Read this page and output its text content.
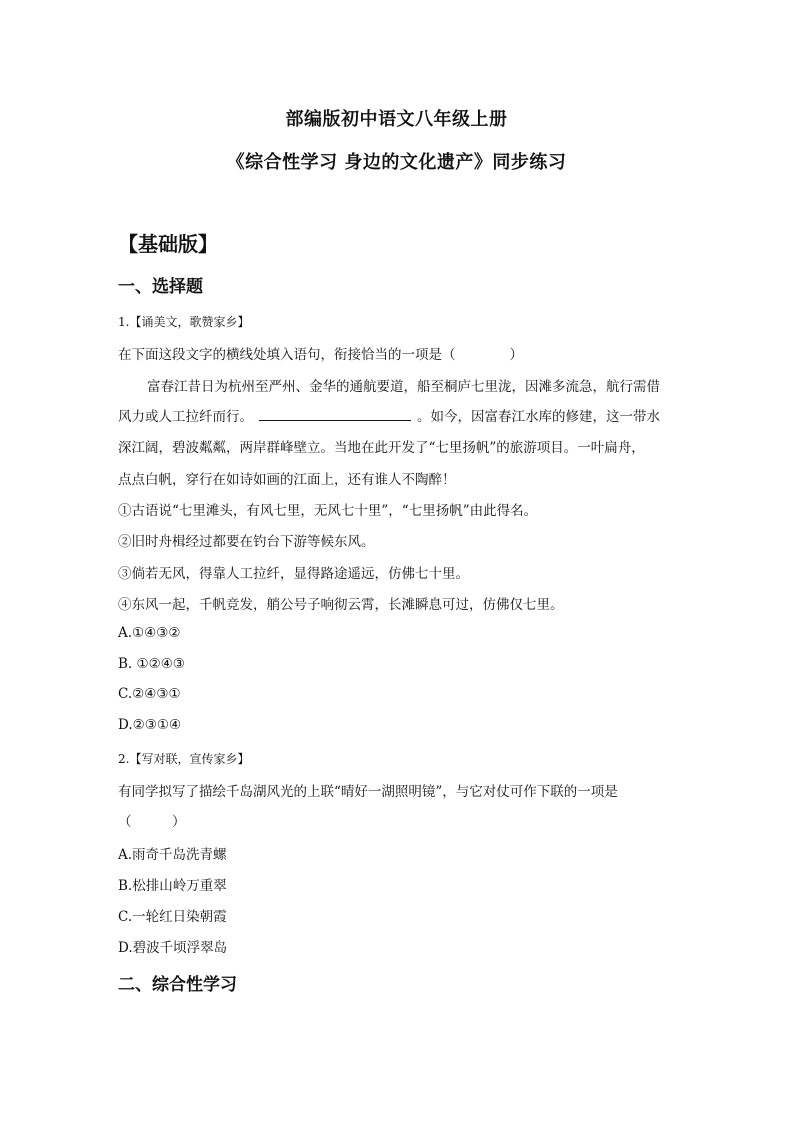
部编版初中语文八年级上册
《综合性学习 身边的文化遗产》同步练习
【基础版】
一、选择题
1.【诵美文，歌赞家乡】
在下面这段文字的横线处填入语句，衔接恰当的一项是（　　　　）
富春江昔日为杭州至严州、金华的通航要道，船至桐庐七里泷，因滩多流急，航行需借
风力或人工拉纤而行。	。如今，因富春江水库的修建，这一带水
深江阔，碧波粼粼，两岸群峰壁立。当地在此开发了“七里扬帆”的旅游项目。一叶扁舟，
点点白帆，穿行在如诗如画的江面上，还有谁人不陶醉！
①古语说“七里滩头，有风七里，无风七十里”，“七里扬帆”由此得名。
②旧时舟楫经过都要在钓台下游等候东风。
③倘若无风，得靠人工拉纤，显得路途遥远，仿佛七十里。
④东风一起，千帆竞发，艄公号子响彻云霄，长滩瞬息可过，仿佛仅七里。
A.①④③②
B. ①②④③
C.②④③①
D.②③①④
2.【写对联，宣传家乡】
有同学拟写了描绘千岛湖风光的上联“晴好一湖照明镜”，与它对仗可作下联的一项是
（　　　）
A.雨奇千岛洗青螺
B.松排山岭万重翠
C.一轮红日染朝霞
D.碧波千顷浮翠岛
二、综合性学习
